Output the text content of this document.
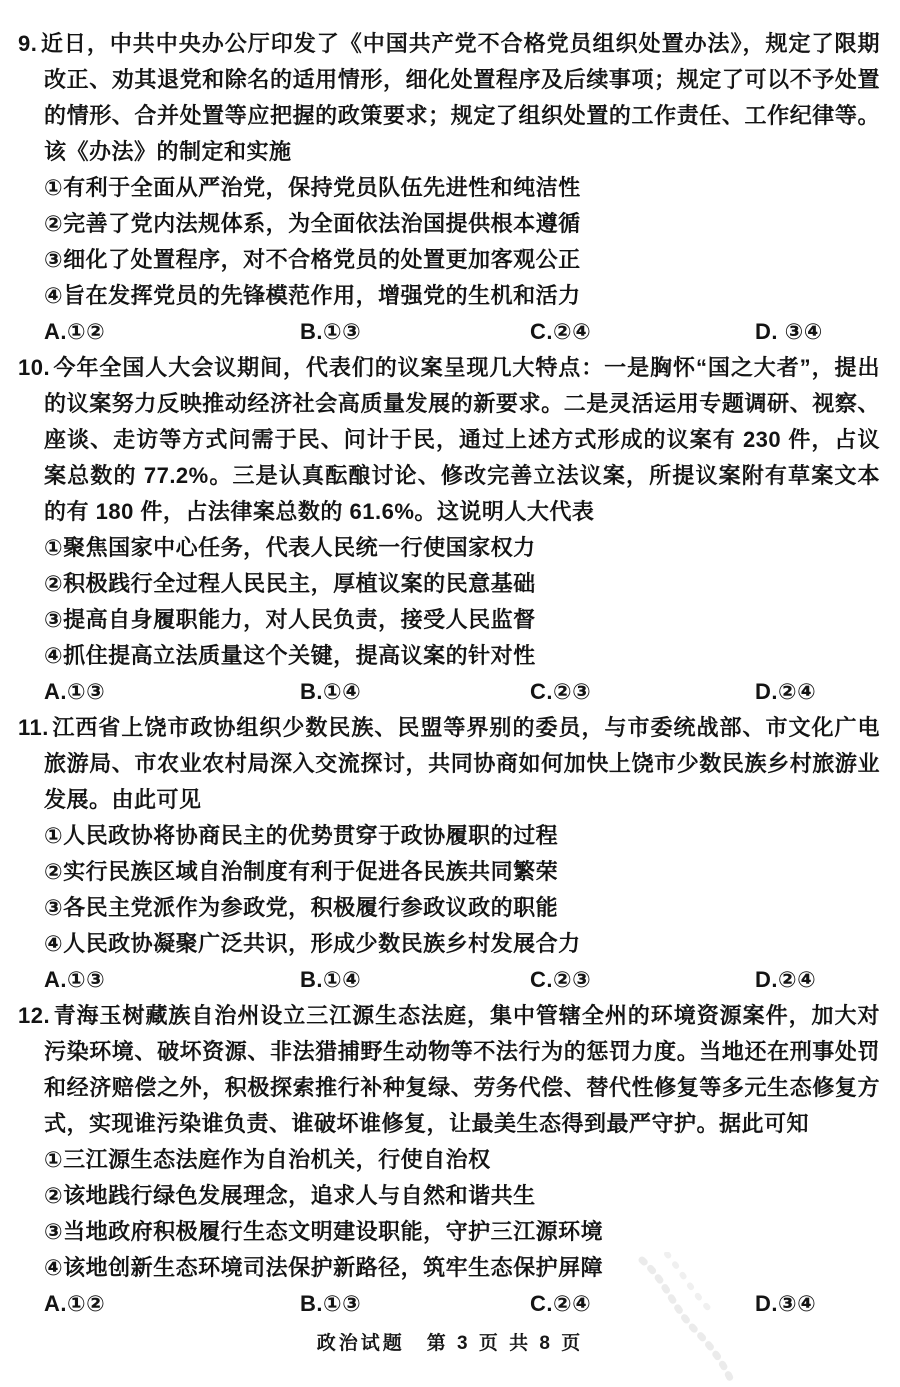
9. 近日，中共中央办公厅印发了《中国共产党不合格党员组织处置办法》，规定了限期改正、劝其退党和除名的适用情形，细化处置程序及后续事项；规定了可以不予处置的情形、合并处置等应把握的政策要求；规定了组织处置的工作责任、工作纪律等。该《办法》的制定和实施

①有利于全面从严治党，保持党员队伍先进性和纯洁性
②完善了党内法规体系，为全面依法治国提供根本遵循
③细化了处置程序，对不合格党员的处置更加客观公正
④旨在发挥党员的先锋模范作用，增强党的生机和活力
A.①②	B.①③	C.②④	D. ③④

10. 今年全国人大会议期间，代表们的议案呈现几大特点：一是胸怀“国之大者”，提出的议案努力反映推动经济社会高质量发展的新要求。二是灵活运用专题调研、视察、座谈、走访等方式问需于民、问计于民，通过上述方式形成的议案有 230 件，占议案总数的 77.2%。三是认真酝酿讨论、修改完善立法议案，所提议案附有草案文本的有 180 件，占法律案总数的 61.6%。这说明人大代表

①聚焦国家中心任务，代表人民统一行使国家权力
②积极践行全过程人民民主，厚植议案的民意基础
③提高自身履职能力，对人民负责，接受人民监督
④抓住提高立法质量这个关键，提高议案的针对性
A.①③	B.①④	C.②③	D.②④

11. 江西省上饶市政协组织少数民族、民盟等界别的委员，与市委统战部、市文化广电旅游局、市农业农村局深入交流探讨，共同协商如何加快上饶市少数民族乡村旅游业发展。由此可见

①人民政协将协商民主的优势贯穿于政协履职的过程
②实行民族区域自治制度有利于促进各民族共同繁荣
③各民主党派作为参政党，积极履行参政议政的职能
④人民政协凝聚广泛共识，形成少数民族乡村发展合力
A.①③	B.①④	C.②③	D.②④

12. 青海玉树藏族自治州设立三江源生态法庭，集中管辖全州的环境资源案件，加大对污染环境、破坏资源、非法猎捕野生动物等不法行为的惩罚力度。当地还在刑事处罚和经济赔偿之外，积极探索推行补种复绿、劳务代偿、替代性修复等多元生态修复方式，实现谁污染谁负责、谁破坏谁修复，让最美生态得到最严守护。据此可知

①三江源生态法庭作为自治机关，行使自治权
②该地践行绿色发展理念，追求人与自然和谐共生
③当地政府积极履行生态文明建设职能，守护三江源环境
④该地创新生态环境司法保护新路径，筑牢生态保护屏障
A.①②	B.①③	C.②④	D.③④
政治试题　第 3 页 共 8 页
